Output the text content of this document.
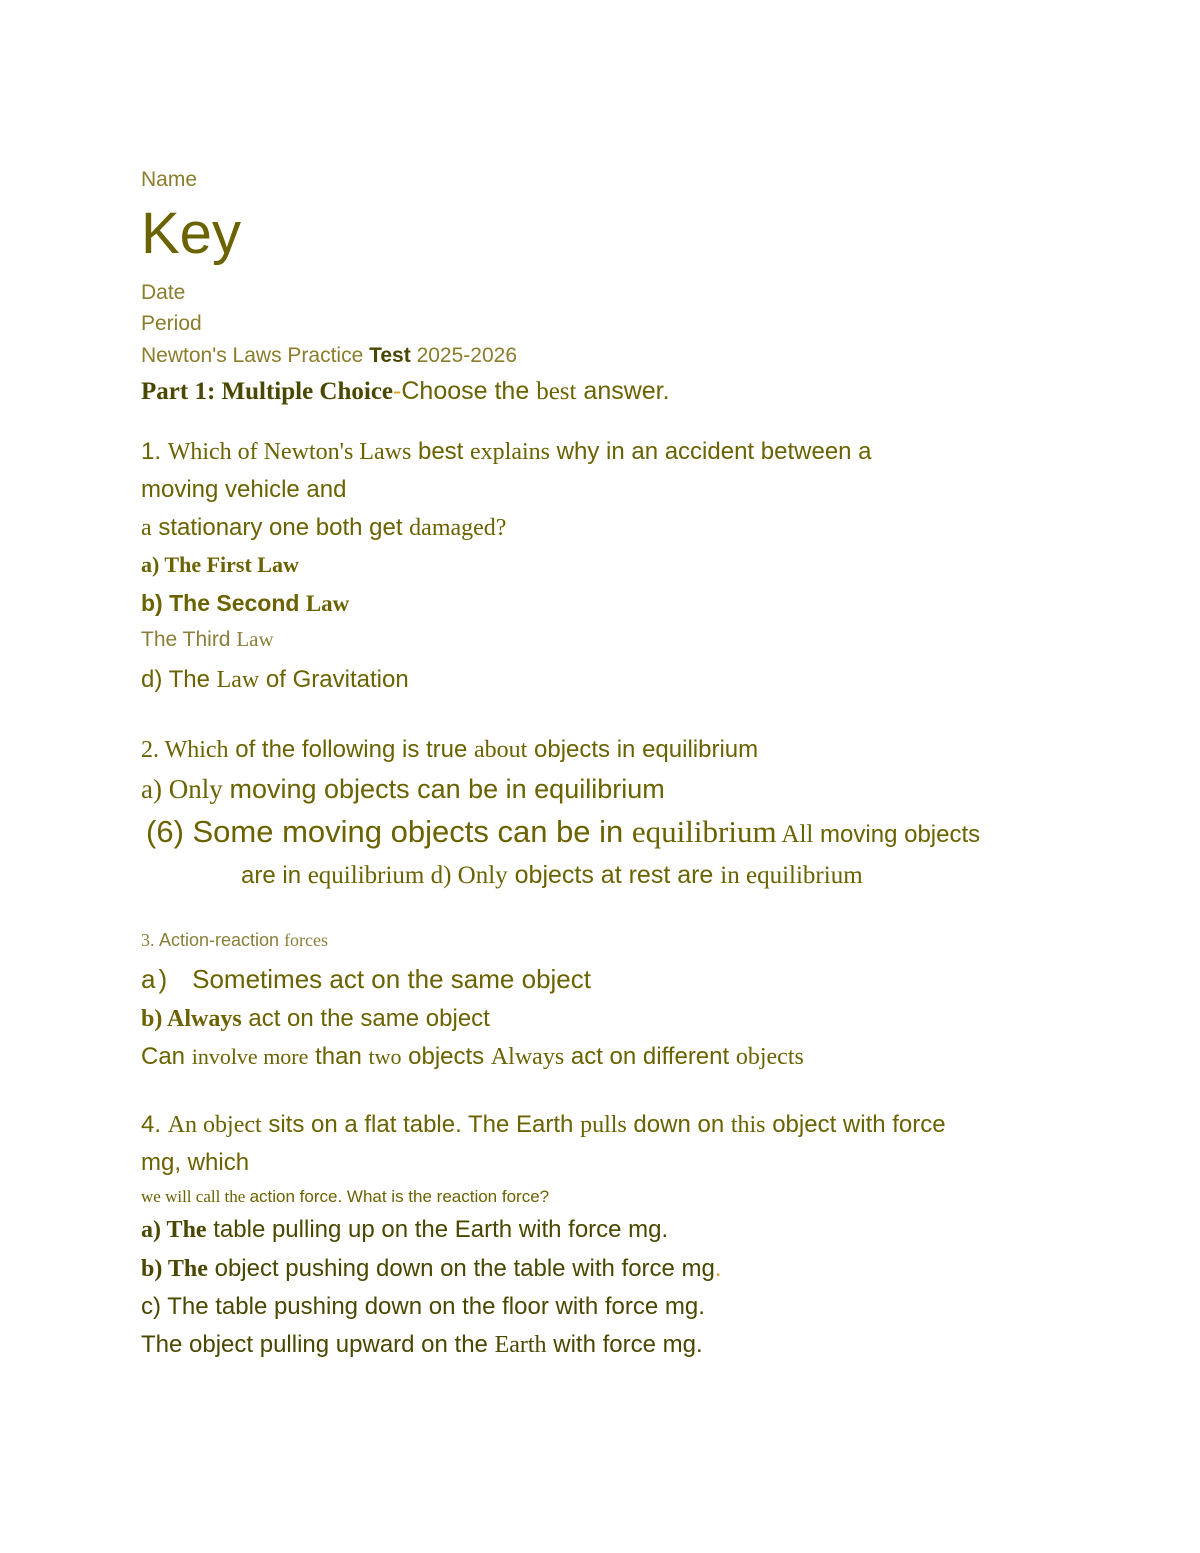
Name
Key
Date
Period
Newton's Laws Practice Test 2025-2026
Part 1: Multiple Choice-Choose the best answer.
1. Which of Newton's Laws best explains why in an accident between a
moving vehicle and
a stationary one both get damaged?
a) The First Law
b) The Second Law
The Third Law
d) The Law of Gravitation
2. Which of the following is true about objects in equilibrium
a) Only moving objects can be in equilibrium
(6) Some moving objects can be in equilibrium All moving objects
are in equilibrium d) Only objects at rest are in equilibrium
3. Action-reaction forces
a) Sometimes act on the same object
b) Always act on the same object
Can involve more than two objects Always act on different objects
4. An object sits on a flat table. The Earth pulls down on this object with force
mg, which
we will call the action force. What is the reaction force?
a) The table pulling up on the Earth with force mg.
b) The object pushing down on the table with force mg.
c) The table pushing down on the floor with force mg.
The object pulling upward on the Earth with force mg.
